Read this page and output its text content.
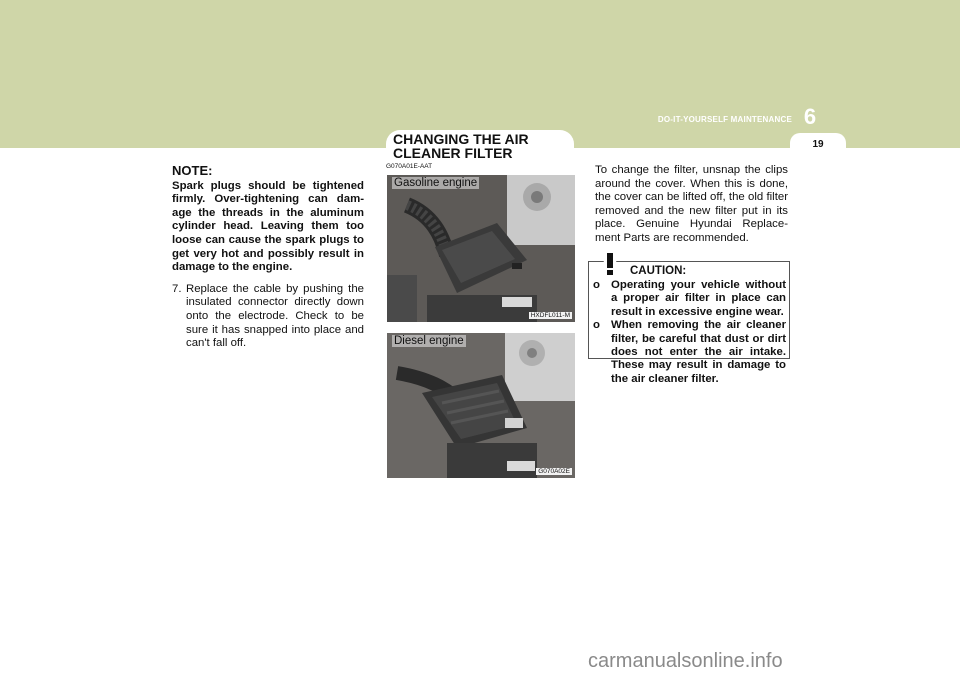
6
DO-IT-YOURSELF MAINTENANCE
19
CHANGING THE AIR CLEANER FILTER
G070A01E-AAT
NOTE:

Spark plugs should be tightened firmly. Over-tightening can dam-age the threads in the aluminum cylinder head. Leaving them too loose can cause the spark plugs to get very hot and possibly result in damage to the engine.

7. Replace the cable by pushing the insulated connector directly down onto the electrode. Check to be sure it has snapped into place and can't fall off.
Gasoline engine
HXDFL011-M
Diesel engine
G070A02E

To change the filter, unsnap the clips around the cover. When this is done, the cover can be lifted off, the old filter removed and the new filter put in its place. Genuine Hyundai Replace-ment Parts are recommended.

CAUTION:
o Operating your vehicle without a proper air filter in place can result in excessive engine wear.
o When removing the air cleaner filter, be careful that dust or dirt does not enter the air intake. These may result in damage to the air cleaner filter.
carmanualsonline.info
